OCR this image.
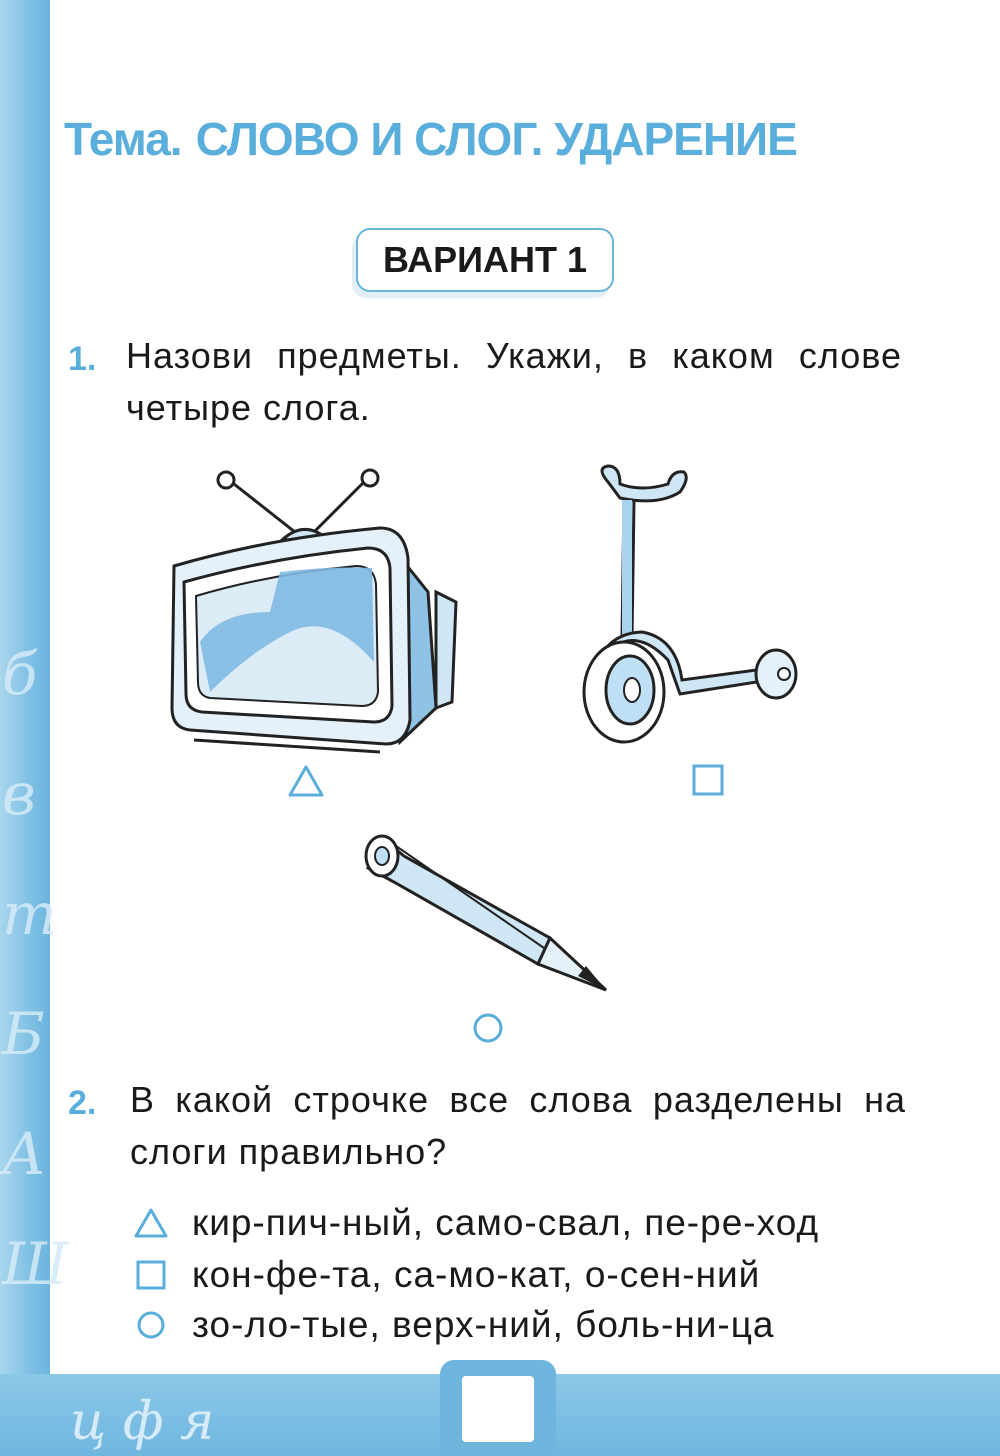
б
в
т
Б
А
Ш
ц ф я
Тема. СЛОВО И СЛОГ. УДАРЕНИЕ
ВАРИАНТ 1
1. Назови предметы. Укажи, в каком слове четыре слога.
2. В какой строчке все слова разделены на слоги правильно?
кир-пич-ный, само-свал, пе-ре-ход
кон-фе-та, са-мо-кат, о-сен-ний
зо-ло-тые, верх-ний, боль-ни-ца
